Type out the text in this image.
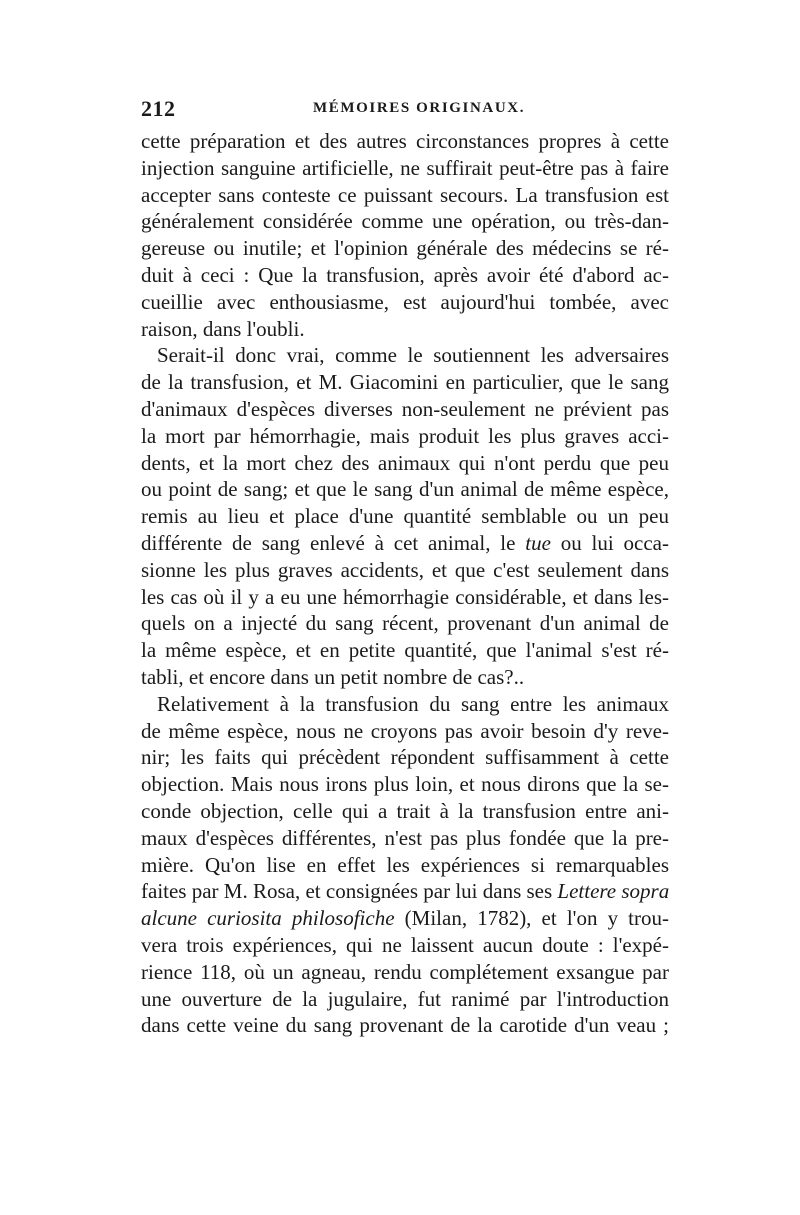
212	MÉMOIRES ORIGINAUX.
cette préparation et des autres circonstances propres à cette
injection sanguine artificielle, ne suffirait peut-être pas à faire
accepter sans conteste ce puissant secours. La transfusion est
généralement considérée comme une opération, ou très-dan-
gereuse ou inutile; et l'opinion générale des médecins se ré-
duit à ceci : Que la transfusion, après avoir été d'abord ac-
cueillie avec enthousiasme, est aujourd'hui tombée, avec
raison, dans l'oubli.
Serait-il donc vrai, comme le soutiennent les adversaires
de la transfusion, et M. Giacomini en particulier, que le sang
d'animaux d'espèces diverses non-seulement ne prévient pas
la mort par hémorrhagie, mais produit les plus graves acci-
dents, et la mort chez des animaux qui n'ont perdu que peu
ou point de sang; et que le sang d'un animal de même espèce,
remis au lieu et place d'une quantité semblable ou un peu
différente de sang enlevé à cet animal, le tue ou lui occa-
sionne les plus graves accidents, et que c'est seulement dans
les cas où il y a eu une hémorrhagie considérable, et dans les-
quels on a injecté du sang récent, provenant d'un animal de
la même espèce, et en petite quantité, que l'animal s'est ré-
tabli, et encore dans un petit nombre de cas?..
Relativement à la transfusion du sang entre les animaux
de même espèce, nous ne croyons pas avoir besoin d'y reve-
nir; les faits qui précèdent répondent suffisamment à cette
objection. Mais nous irons plus loin, et nous dirons que la se-
conde objection, celle qui a trait à la transfusion entre ani-
maux d'espèces différentes, n'est pas plus fondée que la pre-
mière. Qu'on lise en effet les expériences si remarquables
faites par M. Rosa, et consignées par lui dans ses Lettere sopra
alcune curiosita philosofiche (Milan, 1782), et l'on y trou-
vera trois expériences, qui ne laissent aucun doute : l'expé-
rience 118, où un agneau, rendu complétement exsangue par
une ouverture de la jugulaire, fut ranimé par l'introduction
dans cette veine du sang provenant de la carotide d'un veau ;
